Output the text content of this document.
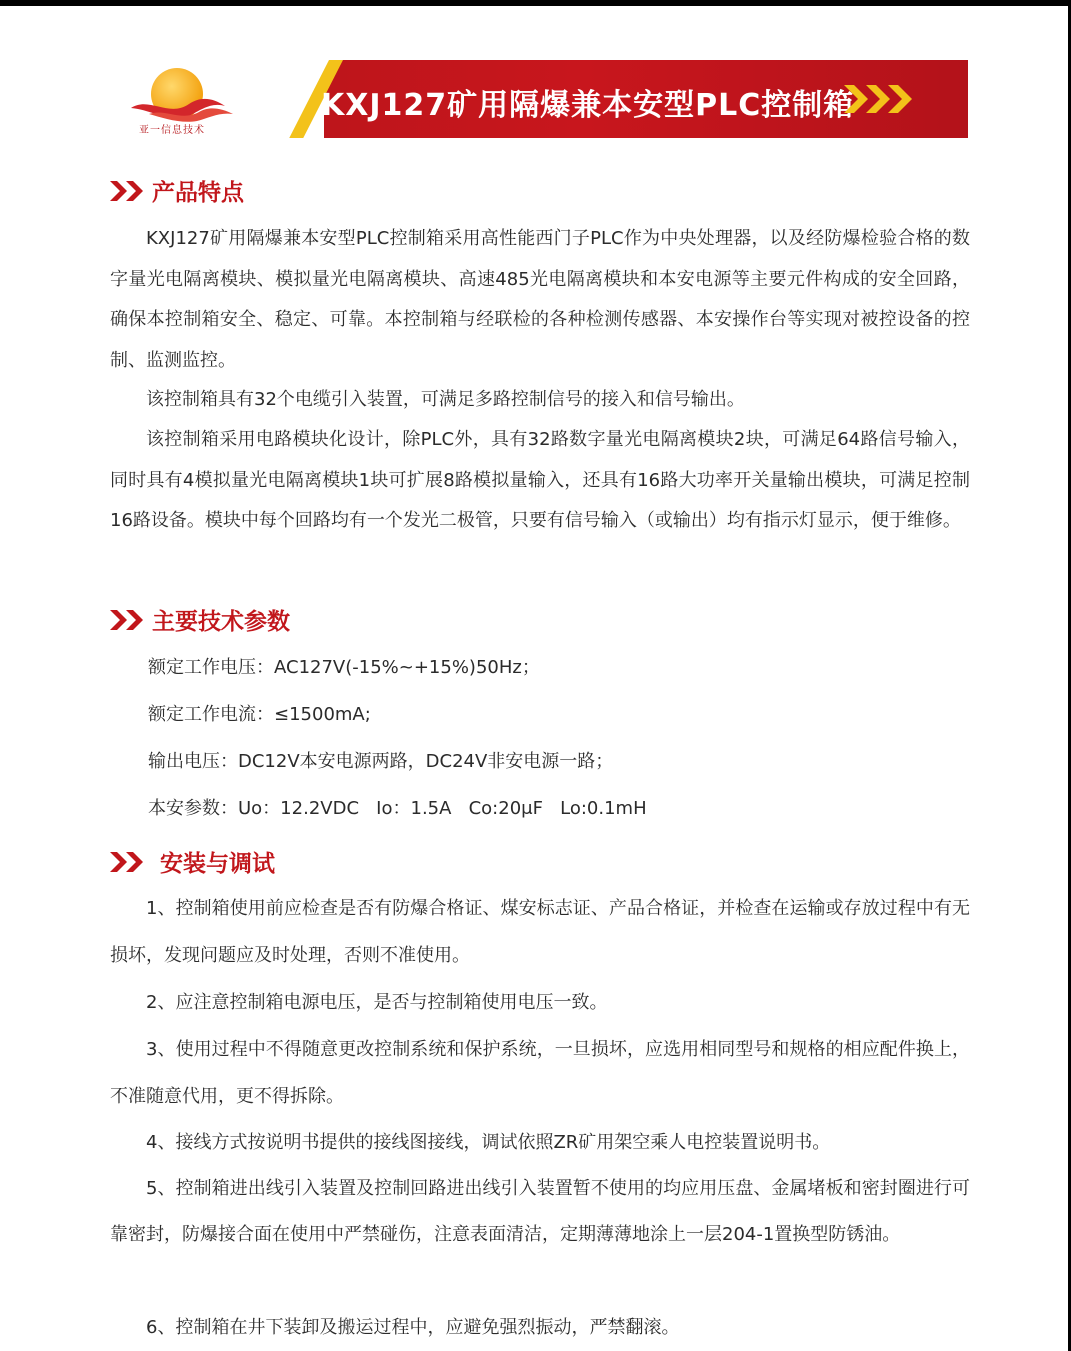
亚一信息技术
KXJ127矿用隔爆兼本安型PLC控制箱
产品特点

KXJ127矿用隔爆兼本安型PLC控制箱采用高性能西门子PLC作为中央处理器，以及经防爆检验合格的数字量光电隔离模块、模拟量光电隔离模块、高速485光电隔离模块和本安电源等主要元件构成的安全回路，确保本控制箱安全、稳定、可靠。本控制箱与经联检的各种检测传感器、本安操作台等实现对被控设备的控制、监测监控。

该控制箱具有32个电缆引入装置，可满足多路控制信号的接入和信号输出。

该控制箱采用电路模块化设计，除PLC外，具有32路数字量光电隔离模块2块，可满足64路信号输入，同时具有4模拟量光电隔离模块1块可扩展8路模拟量输入，还具有16路大功率开关量输出模块，可满足控制16路设备。模块中每个回路均有一个发光二极管，只要有信号输入（或输出）均有指示灯显示，便于维修。

主要技术参数

额定工作电压：AC127V(-15%~+15%)50Hz；

额定工作电流：≤1500mA;

输出电压：DC12V本安电源两路，DC24V非安电源一路；

本安参数：Uo：12.2VDC   Io：1.5A   Co:20μF   Lo:0.1mH

安装与调试

1、控制箱使用前应检查是否有防爆合格证、煤安标志证、产品合格证，并检查在运输或存放过程中有无损坏，发现问题应及时处理，否则不准使用。

2、应注意控制箱电源电压，是否与控制箱使用电压一致。

3、使用过程中不得随意更改控制系统和保护系统，一旦损坏，应选用相同型号和规格的相应配件换上，不准随意代用，更不得拆除。

4、接线方式按说明书提供的接线图接线，调试依照ZR矿用架空乘人电控装置说明书。

5、控制箱进出线引入装置及控制回路进出线引入装置暂不使用的均应用压盘、金属堵板和密封圈进行可靠密封，防爆接合面在使用中严禁碰伤，注意表面清洁，定期薄薄地涂上一层204-1置换型防锈油。

6、控制箱在井下装卸及搬运过程中，应避免强烈振动，严禁翻滚。
